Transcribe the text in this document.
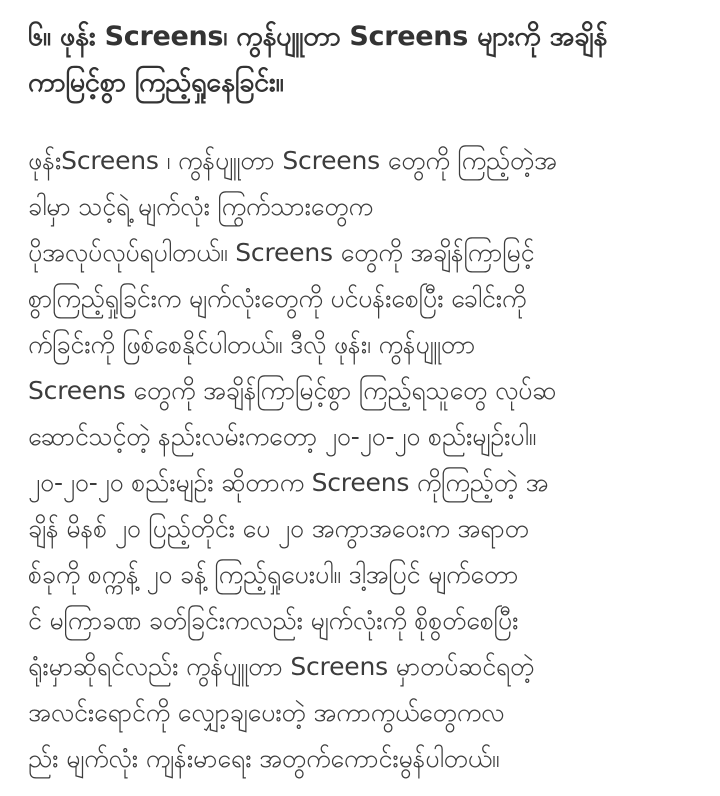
၆။ ဖုန်း Screens၊ ကွန်ပျူတာ Screens များကို အချိန်
ကာမြင့်စွာ ကြည့်ရှုနေခြင်း။
ဖုန်းScreens ၊ ကွန်ပျူတာ Screens တွေကို ကြည့်တဲ့အ
ခါမှာ သင့်ရဲ့ မျက်လုံး ကြွက်သားတွေက
ပိုအလုပ်လုပ်ရပါတယ်။ Screens တွေကို အချိန်ကြာမြင့်
စွာကြည့်ရှုခြင်းက မျက်လုံးတွေကို ပင်ပန်းစေပြီး ခေါင်းကို
က်ခြင်းကို ဖြစ်စေနိုင်ပါတယ်။ ဒီလို ဖုန်း၊ ကွန်ပျူတာ
Screens တွေကို အချိန်ကြာမြင့်စွာ ကြည့်ရသူတွေ လုပ်ဆ
ဆောင်သင့်တဲ့ နည်းလမ်းကတော့ ၂၀-၂၀-၂၀ စည်းမျဉ်းပါ။
၂၀-၂၀-၂၀ စည်းမျဉ်း ဆိုတာက Screens ကိုကြည့်တဲ့ အ
ချိန် မိနစ် ၂၀ ပြည့်တိုင်း ပေ ၂၀ အကွာအဝေးက အရာတ
စ်ခုကို စက္ကန့် ၂၀ ခန့် ကြည့်ရှုပေးပါ။ ဒါ့အပြင် မျက်တော
င် မကြာခဏ ခတ်ခြင်းကလည်း မျက်လုံးကို စိုစွတ်စေပြီး
ရုံးမှာဆိုရင်လည်း ကွန်ပျူတာ Screens မှာတပ်ဆင်ရတဲ့
အလင်းရောင်ကို လျှော့ချပေးတဲ့ အကာကွယ်တွေကလ
ည်း မျက်လုံး ကျန်းမာရေး အတွက်ကောင်းမွန်ပါတယ်။
